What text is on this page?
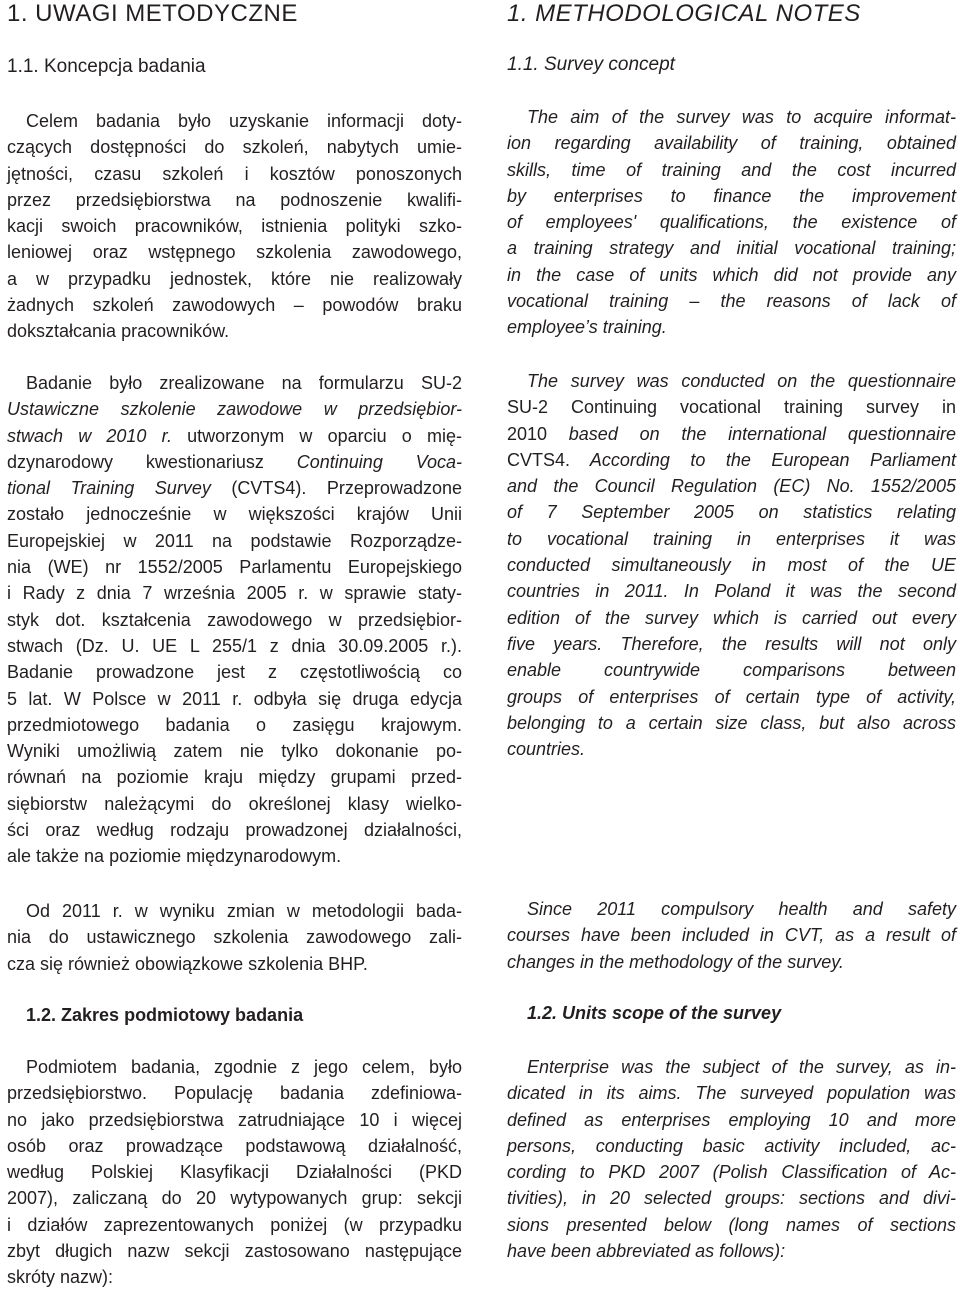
1. UWAGI METODYCZNE
1.1. Koncepcja badania
Celem badania było uzyskanie informacji doty-
czących dostępności do szkoleń, nabytych umie-
jętności, czasu szkoleń i kosztów ponoszonych
przez przedsiębiorstwa na podnoszenie kwalifi-
kacji swoich pracowników, istnienia polityki szko-
leniowej oraz wstępnego szkolenia zawodowego,
a w przypadku jednostek, które nie realizowały
żadnych szkoleń zawodowych – powodów braku
dokształcania pracowników.
Badanie było zrealizowane na formularzu SU-2
Ustawiczne szkolenie zawodowe w przedsiębior-
stwach w 2010 r. utworzonym w oparciu o mię-
dzynarodowy kwestionariusz Continuing Voca-
tional Training Survey (CVTS4). Przeprowadzone
zostało jednocześnie w większości krajów Unii
Europejskiej w 2011 na podstawie Rozporządze-
nia (WE) nr 1552/2005 Parlamentu Europejskiego
i Rady z dnia 7 września 2005 r. w sprawie staty-
styk dot. kształcenia zawodowego w przedsiębior-
stwach (Dz. U. UE L 255/1 z dnia 30.09.2005 r.).
Badanie prowadzone jest z częstotliwością co
5 lat. W Polsce w 2011 r. odbyła się druga edycja
przedmiotowego badania o zasięgu krajowym.
Wyniki umożliwią zatem nie tylko dokonanie po-
równań na poziomie kraju między grupami przed-
siębiorstw należącymi do określonej klasy wielko-
ści oraz według rodzaju prowadzonej działalności,
ale także na poziomie międzynarodowym.
Od 2011 r. w wyniku zmian w metodologii bada-
nia do ustawicznego szkolenia zawodowego zali-
cza się również obowiązkowe szkolenia BHP.
1.2. Zakres podmiotowy badania
Podmiotem badania, zgodnie z jego celem, było
przedsiębiorstwo. Populację badania zdefiniowa-
no jako przedsiębiorstwa zatrudniające 10 i więcej
osób oraz prowadzące podstawową działalność,
według Polskiej Klasyfikacji Działalności (PKD
2007), zaliczaną do 20 wytypowanych grup: sekcji
i działów zaprezentowanych poniżej (w przypadku
zbyt długich nazw sekcji zastosowano następujące
skróty nazw):
1. METHODOLOGICAL NOTES
1.1. Survey concept
The aim of the survey was to acquire informat-
ion regarding availability of training, obtained
skills, time of training and the cost incurred
by enterprises to finance the improvement
of employees' qualifications, the existence of
a training strategy and initial vocational training;
in the case of units which did not provide any
vocational training – the reasons of lack of
employee’s training.
The survey was conducted on the questionnaire
SU-2 Continuing vocational training survey in
2010 based on the international questionnaire
CVTS4. According to the European Parliament
and the Council Regulation (EC) No. 1552/2005
of 7 September 2005 on statistics relating
to vocational training in enterprises it was
conducted simultaneously in most of the UE
countries in 2011. In Poland it was the second
edition of the survey which is carried out every
five years. Therefore, the results will not only
enable countrywide comparisons between
groups of enterprises of certain type of activity,
belonging to a certain size class, but also across
countries.
Since 2011 compulsory health and safety
courses have been included in CVT, as a result of
changes in the methodology of the survey.
1.2. Units scope of the survey
Enterprise was the subject of the survey, as in-
dicated in its aims. The surveyed population was
defined as enterprises employing 10 and more
persons, conducting basic activity included, ac-
cording to PKD 2007 (Polish Classification of Ac-
tivities), in 20 selected groups: sections and divi-
sions presented below (long names of sections
have been abbreviated as follows):
